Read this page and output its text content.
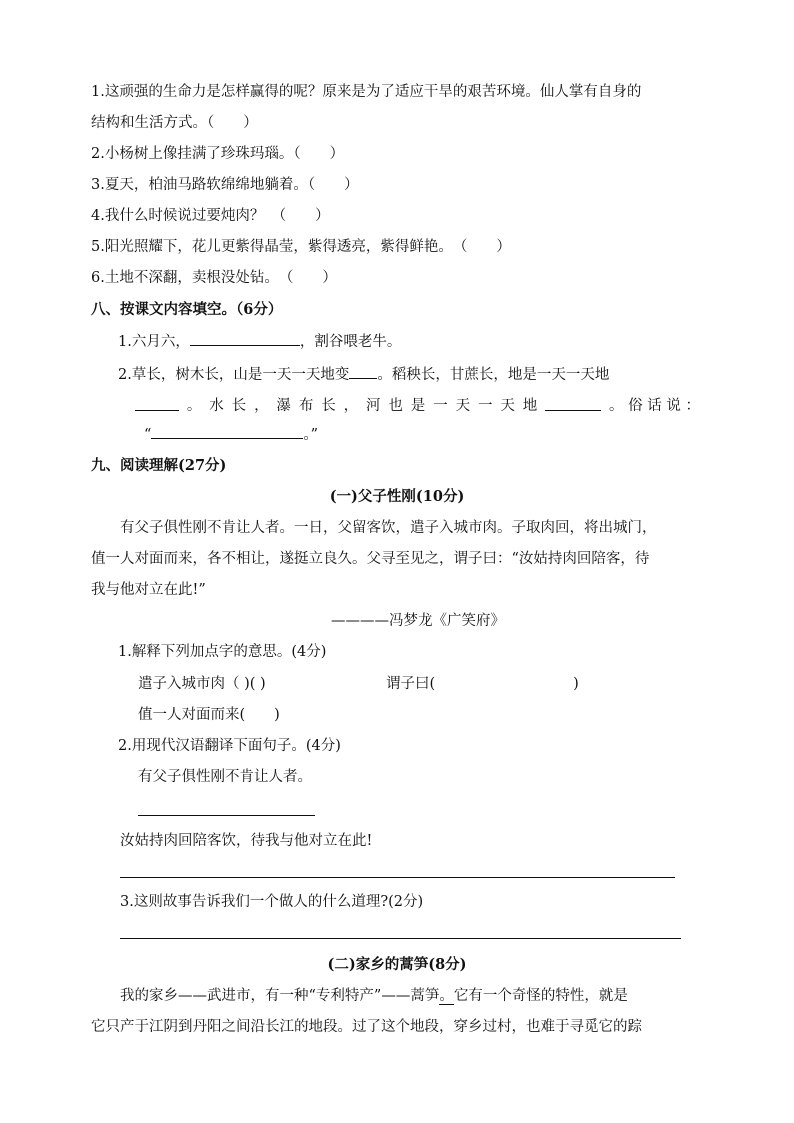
1.这顽强的生命力是怎样赢得的呢？原来是为了适应干旱的艰苦环境。仙人掌有自身的
结构和生活方式。（　　）
2.小杨树上像挂满了珍珠玛瑙。（　　）
3.夏天，柏油马路软绵绵地躺着。（　　）
4.我什么时候说过要炖肉？　（　　）
5.阳光照耀下，花儿更紫得晶莹，紫得透亮，紫得鲜艳。　（　　）
6.土地不深翻，卖根没处钻。　（　　）
八、按课文内容填空。（6分）
1.六月六，	，割谷喂老牛。
2.草长，树木长，山是一天一天地变 。稻秧长，甘蔗长，地是一天一天地
。 水 长 ， 瀑 布 长 ， 河 也 是 一 天 一 天 地	。 俗 话 说 ：
“	。”
九、阅读理解(27分)
(一)父子性刚(10分)
有父子俱性刚不肯让人者。一日，父留客饮，遣子入城市肉。子取肉回，将出城门，
值一人对面而来，各不相让，遂挺立良久。父寻至见之，谓子曰：“汝姑持肉回陪客，待
我与他对立在此!”
————冯梦龙《广笑府》
1.解释下列加点字的意思。(4分)
遣子入城市肉（ )( )	谓子曰(	)
值一人对面而来(　　)
2.用现代汉语翻译下面句子。(4分)
有父子俱性刚不肯让人者。
汝姑持肉回陪客饮，待我与他对立在此!
3.这则故事告诉我们一个做人的什么道理?(2分)
(二)家乡的蒿笋(8分)
我的家乡——武进市，有一种“专利特产”——蒿笋。它有一个奇怪的特性，就是
它只产于江阴到丹阳之间沿长江的地段。过了这个地段，穿乡过村，也难于寻觅它的踪
